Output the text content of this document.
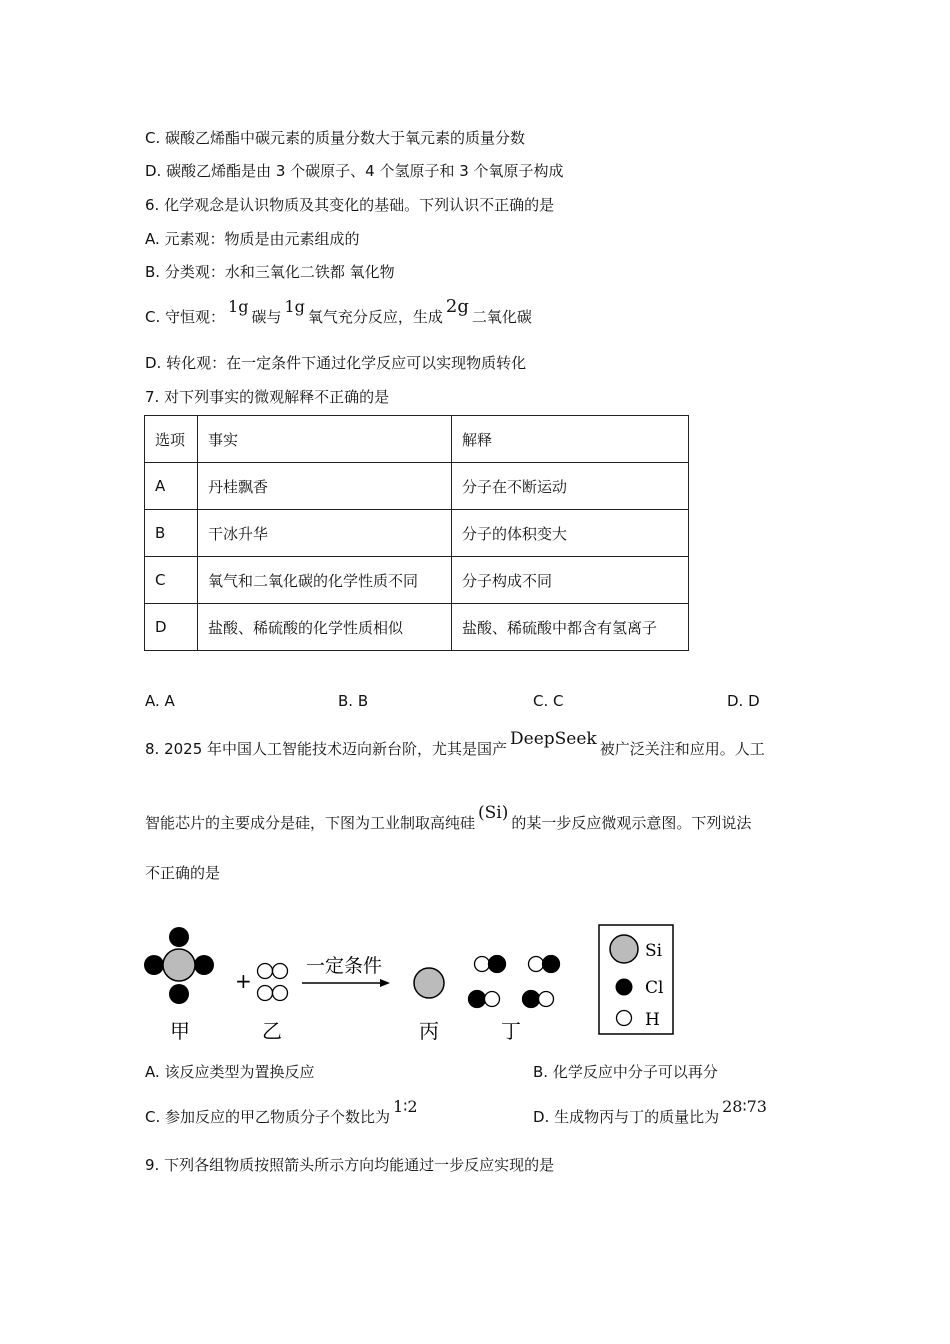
C. 碳酸乙烯酯中碳元素的质量分数大于氧元素的质量分数
D. 碳酸乙烯酯是由 3 个碳原子、4 个氢原子和 3 个氧原子构成
6. 化学观念是认识物质及其变化的基础。下列认识不正确的是
A. 元素观：物质是由元素组成的
B. 分类观：水和三氧化二铁都 氧化物
C. 守恒观：1g碳与1g氧气充分反应，生成 2g 二氧化碳
D. 转化观：在一定条件下通过化学反应可以实现物质转化
7. 对下列事实的微观解释不正确的是
选项	事实	解释
A	丹桂飘香	分子在不断运动
B	干冰升华	分子的体积变大
C	氧气和二氧化碳的化学性质不同	分子构成不同
D	盐酸、稀硫酸的化学性质相似	盐酸、稀硫酸中都含有氢离子
A. A	B. B	C. C	D. D
8. 2025 年中国人工智能技术迈向新台阶，尤其是国产 DeepSeek 被广泛关注和应用。人工
智能芯片的主要成分是硅，下图为工业制取高纯硅 (Si) 的某一步反应微观示意图。下列说法
不正确的是
+
一定条件
甲	乙	丙	丁
Si
Cl
H
A. 该反应类型为置换反应	B. 化学反应中分子可以再分
C. 参加反应的甲乙物质分子个数比为1∶2
D. 生成物丙与丁的质量比为28∶73
9. 下列各组物质按照箭头所示方向均能通过一步反应实现的是
